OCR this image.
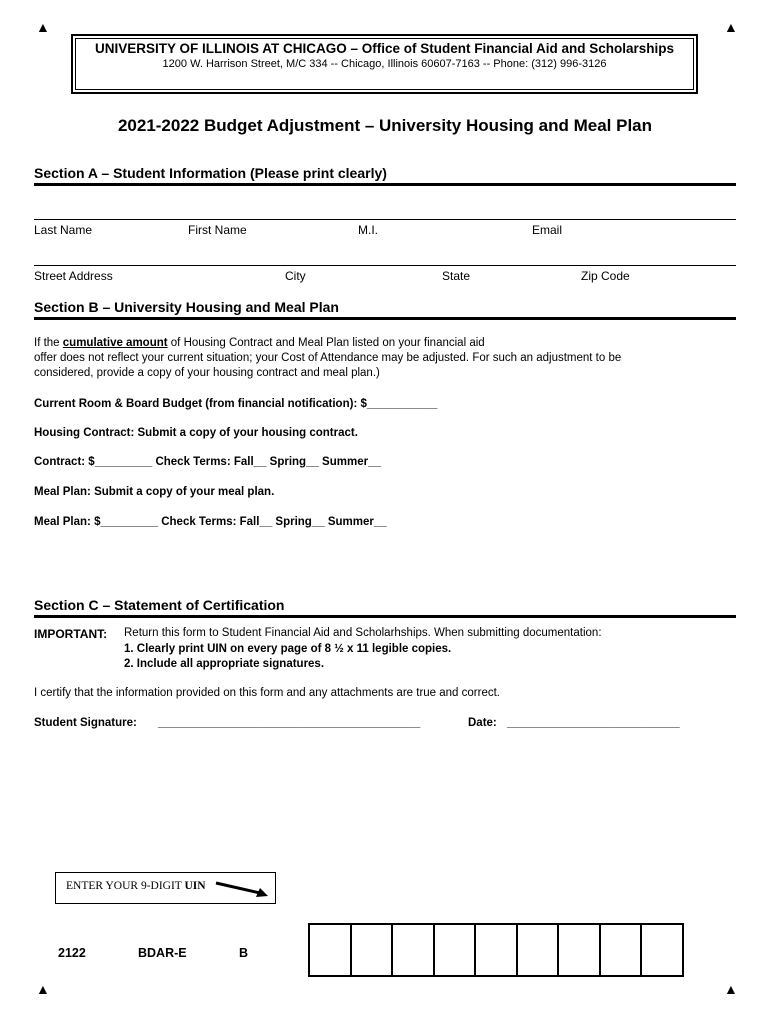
▲	▲
▲	▲
UNIVERSITY OF ILLINOIS AT CHICAGO – Office of Student Financial Aid and Scholarships
1200 W. Harrison Street, M/C 334 -- Chicago, Illinois 60607-7163 -- Phone: (312) 996-3126
2021-2022 Budget Adjustment – University Housing and Meal Plan
Section A – Student Information (Please print clearly)
Last Name	First Name	M.I.	Email
Street Address	City	State	Zip Code
Section B – University Housing and Meal Plan
If the cumulative amount of Housing Contract and Meal Plan listed on your financial aid
offer does not reflect your current situation; your Cost of Attendance may be adjusted. For such an adjustment to be
considered, provide a copy of your housing contract and meal plan.)
Current Room & Board Budget (from financial notification): $___________
Housing Contract: Submit a copy of your housing contract.
Contract: $_________ Check Terms: Fall__ Spring__ Summer__
Meal Plan: Submit a copy of your meal plan.
Meal Plan: $_________ Check Terms: Fall__ Spring__ Summer__
Section C – Statement of Certification
IMPORTANT: Return this form to Student Financial Aid and Scholarhships. When submitting documentation:
1. Clearly print UIN on every page of 8 ½ x 11 legible copies.
2. Include all appropriate signatures.
I certify that the information provided on this form and any attachments are true and correct.
Student Signature: _________________________________________	Date: ___________________________
ENTER YOUR 9-DIGIT UIN
2122	BDAR-E	B
